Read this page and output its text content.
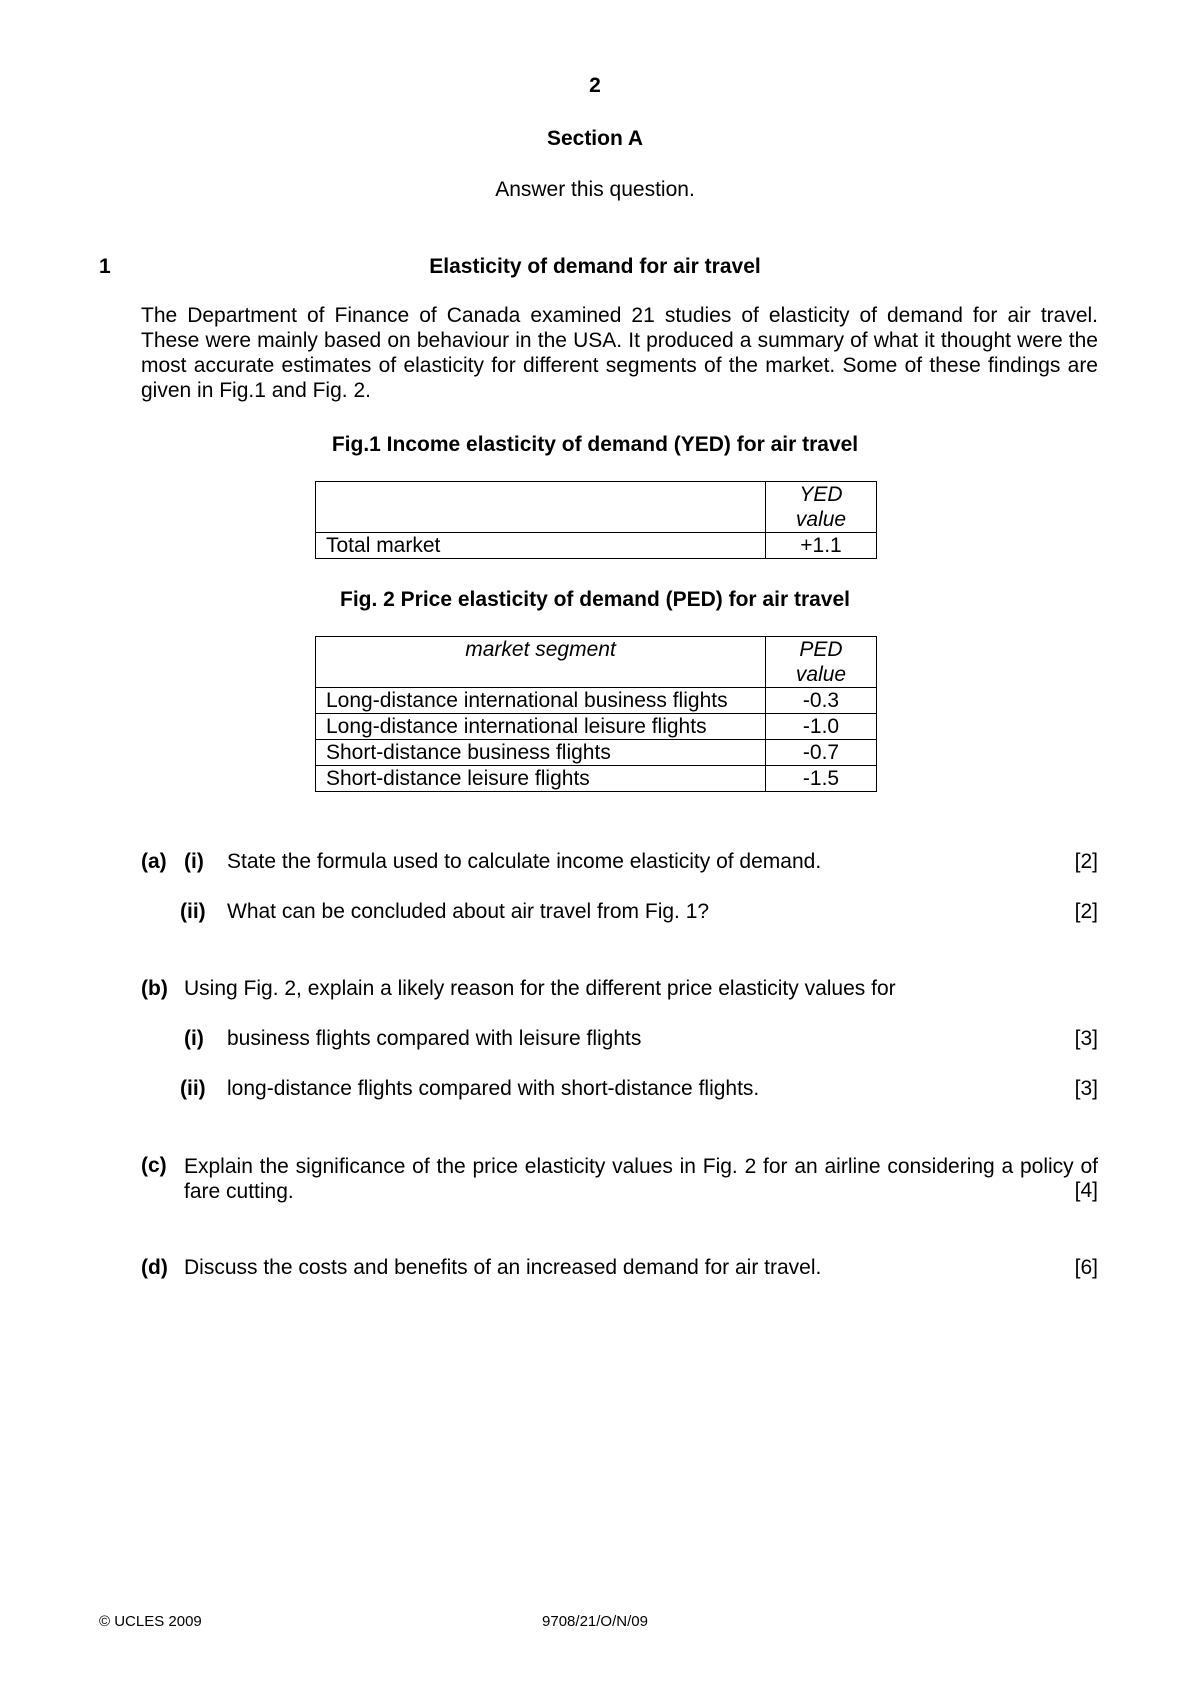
2
Section A
Answer this question.
1	Elasticity of demand for air travel
The Department of Finance of Canada examined 21 studies of elasticity of demand for air travel. These were mainly based on behaviour in the USA. It produced a summary of what it thought were the most accurate estimates of elasticity for different segments of the market. Some of these findings are given in Fig.1 and Fig. 2.
Fig.1 Income elasticity of demand (YED) for air travel
	YED
value
Total market	+1.1
Fig. 2 Price elasticity of demand (PED) for air travel
market segment	PED
value
Long-distance international business flights	-0.3
Long-distance international leisure flights	-1.0
Short-distance business flights	-0.7
Short-distance leisure flights	-1.5
(a) (i) State the formula used to calculate income elasticity of demand.	[2]
(ii) What can be concluded about air travel from Fig. 1?	[2]
(b) Using Fig. 2, explain a likely reason for the different price elasticity values for
(i) business flights compared with leisure flights	[3]
(ii) long-distance flights compared with short-distance flights.	[3]
(c) Explain the significance of the price elasticity values in Fig. 2 for an airline considering a policy of fare cutting.	[4]
(d) Discuss the costs and benefits of an increased demand for air travel.	[6]
© UCLES 2009	9708/21/O/N/09
